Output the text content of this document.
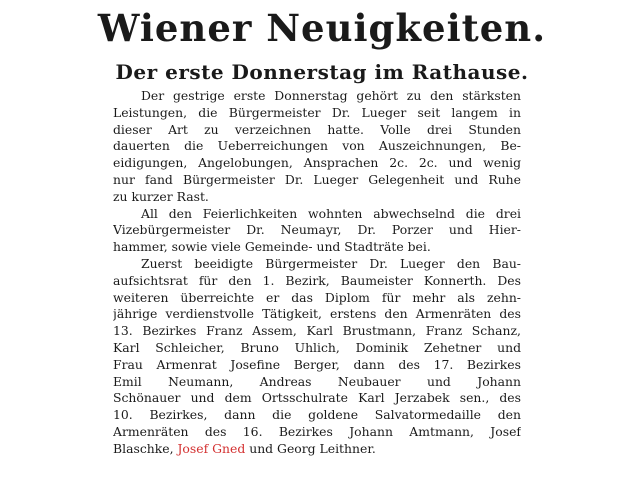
Wiener Neuigkeiten.
Der erste Donnerstag im Rathause.
Der gestrige erste Donnerstag gehört zu den stärksten
Leistungen, die Bürgermeister Dr. Lueger seit langem in
dieser Art zu verzeichnen hatte. Volle drei Stunden
dauerten die Ueberreichungen von Auszeichnungen, Be-
eidigungen, Angelobungen, Ansprachen 2c. 2c. und wenig
nur fand Bürgermeister Dr. Lueger Gelegenheit und Ruhe
zu kurzer Rast.
All den Feierlichkeiten wohnten abwechselnd die drei
Vizebürgermeister Dr. Neumayr, Dr. Porzer und Hier-
hammer, sowie viele Gemeinde- und Stadträte bei.
Zuerst beeidigte Bürgermeister Dr. Lueger den Bau-
aufsichtsrat für den 1. Bezirk, Baumeister Konnerth. Des
weiteren überreichte er das Diplom für mehr als zehn-
jährige verdienstvolle Tätigkeit, erstens den Armenräten des
13. Bezirkes Franz Assem, Karl Brustmann, Franz Schanz,
Karl Schleicher, Bruno Uhlich, Dominik Zehetner und
Frau Armenrat Josefine Berger, dann des 17. Bezirkes
Emil Neumann, Andreas Neubauer und Johann
Schönauer und dem Ortsschulrate Karl Jerzabek sen., des
10. Bezirkes, dann die goldene Salvatormedaille den
Armenräten des 16. Bezirkes Johann Amtmann, Josef
Blaschke, Josef Gned und Georg Leithner.
